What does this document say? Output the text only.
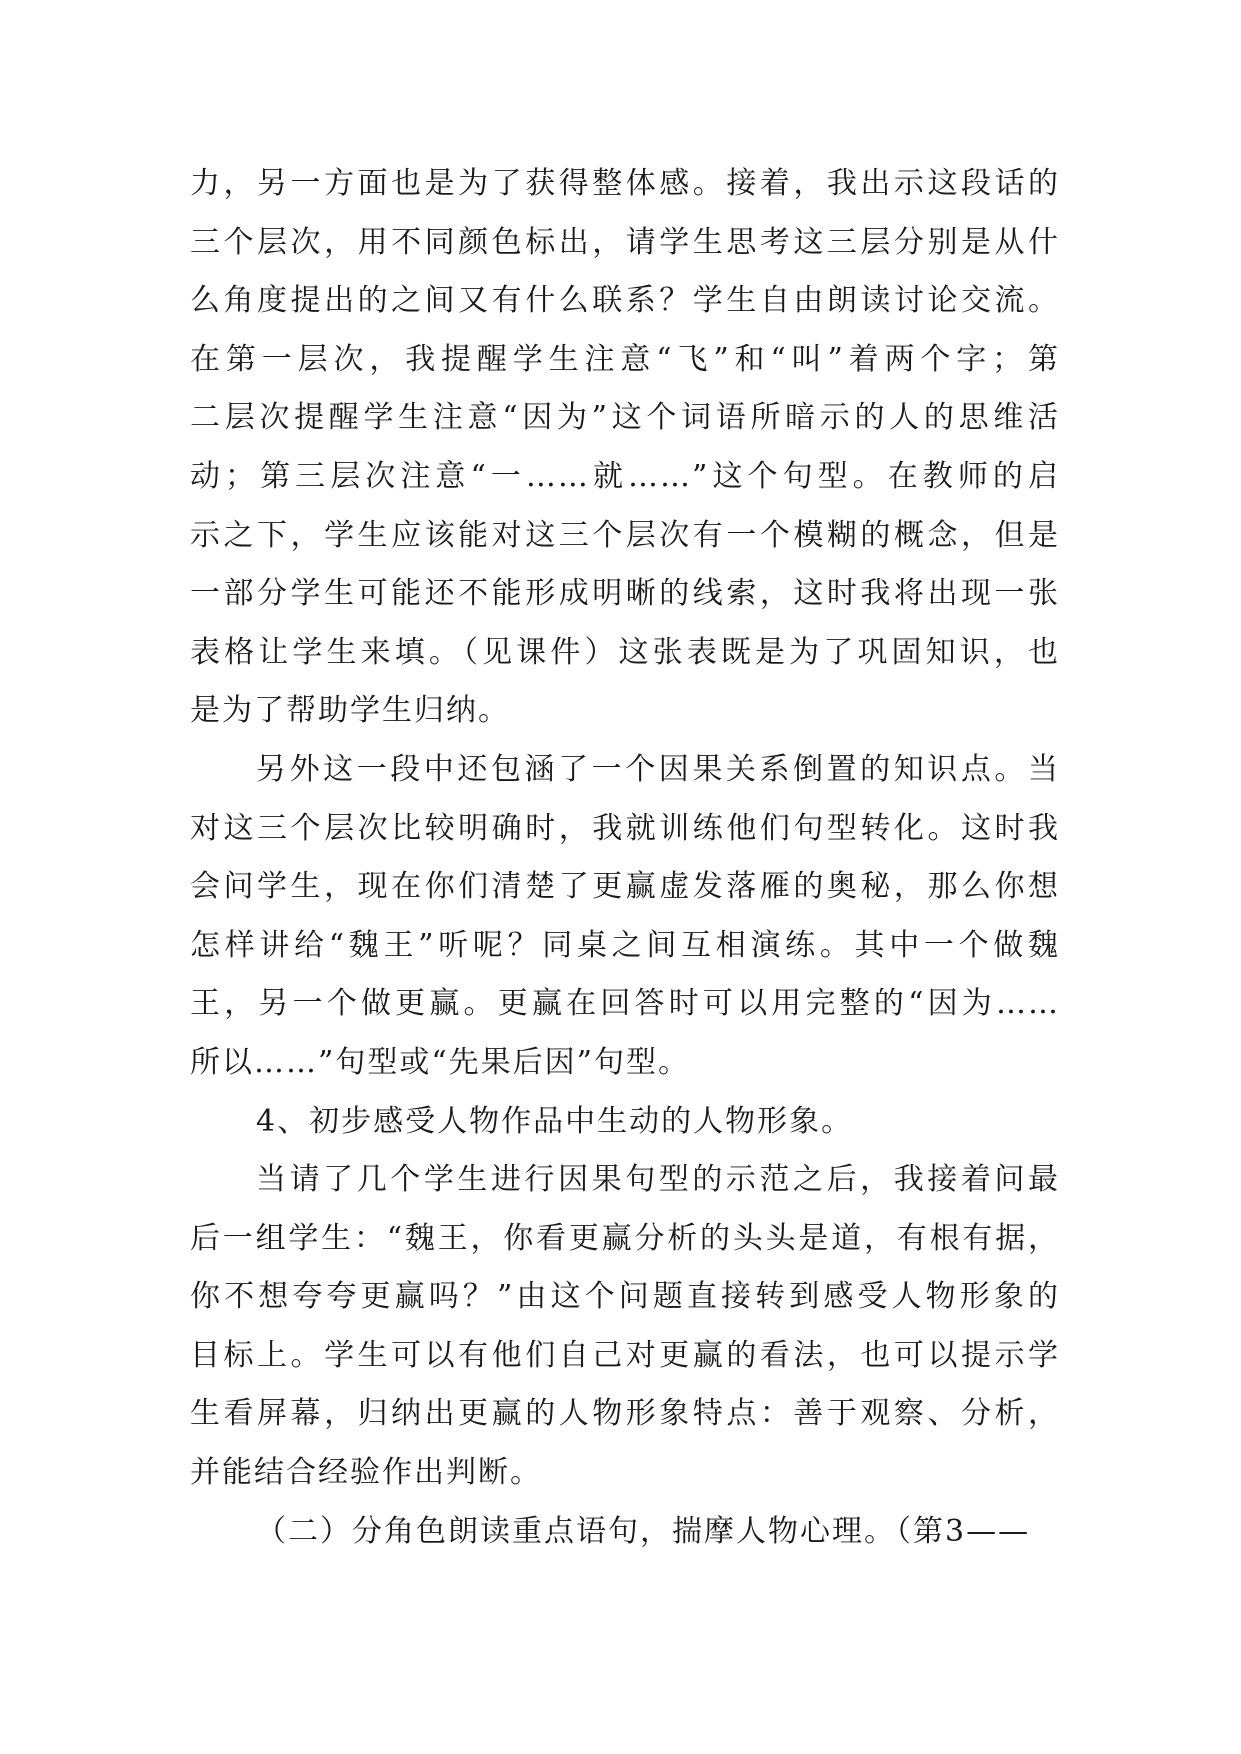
力，另一方面也是为了获得整体感。接着，我出示这段话的
三个层次，用不同颜色标出，请学生思考这三层分别是从什
么角度提出的之间又有什么联系？学生自由朗读讨论交流。
在第一层次，我提醒学生注意“飞”和“叫”着两个字；第
二层次提醒学生注意“因为”这个词语所暗示的人的思维活
动；第三层次注意“一……就……”这个句型。在教师的启
示之下，学生应该能对这三个层次有一个模糊的概念，但是
一部分学生可能还不能形成明晰的线索，这时我将出现一张
表格让学生来填。（见课件）这张表既是为了巩固知识，也
是为了帮助学生归纳。
另外这一段中还包涵了一个因果关系倒置的知识点。当
对这三个层次比较明确时，我就训练他们句型转化。这时我
会问学生，现在你们清楚了更赢虚发落雁的奥秘，那么你想
怎样讲给“魏王”听呢？同桌之间互相演练。其中一个做魏
王，另一个做更赢。更赢在回答时可以用完整的“因为……
所以……”句型或“先果后因”句型。
4、初步感受人物作品中生动的人物形象。
当请了几个学生进行因果句型的示范之后，我接着问最
后一组学生：“魏王，你看更赢分析的头头是道，有根有据，
你不想夸夸更赢吗？”由这个问题直接转到感受人物形象的
目标上。学生可以有他们自己对更赢的看法，也可以提示学
生看屏幕，归纳出更赢的人物形象特点：善于观察、分析，
并能结合经验作出判断。
（二）分角色朗读重点语句，揣摩人物心理。（第3——
